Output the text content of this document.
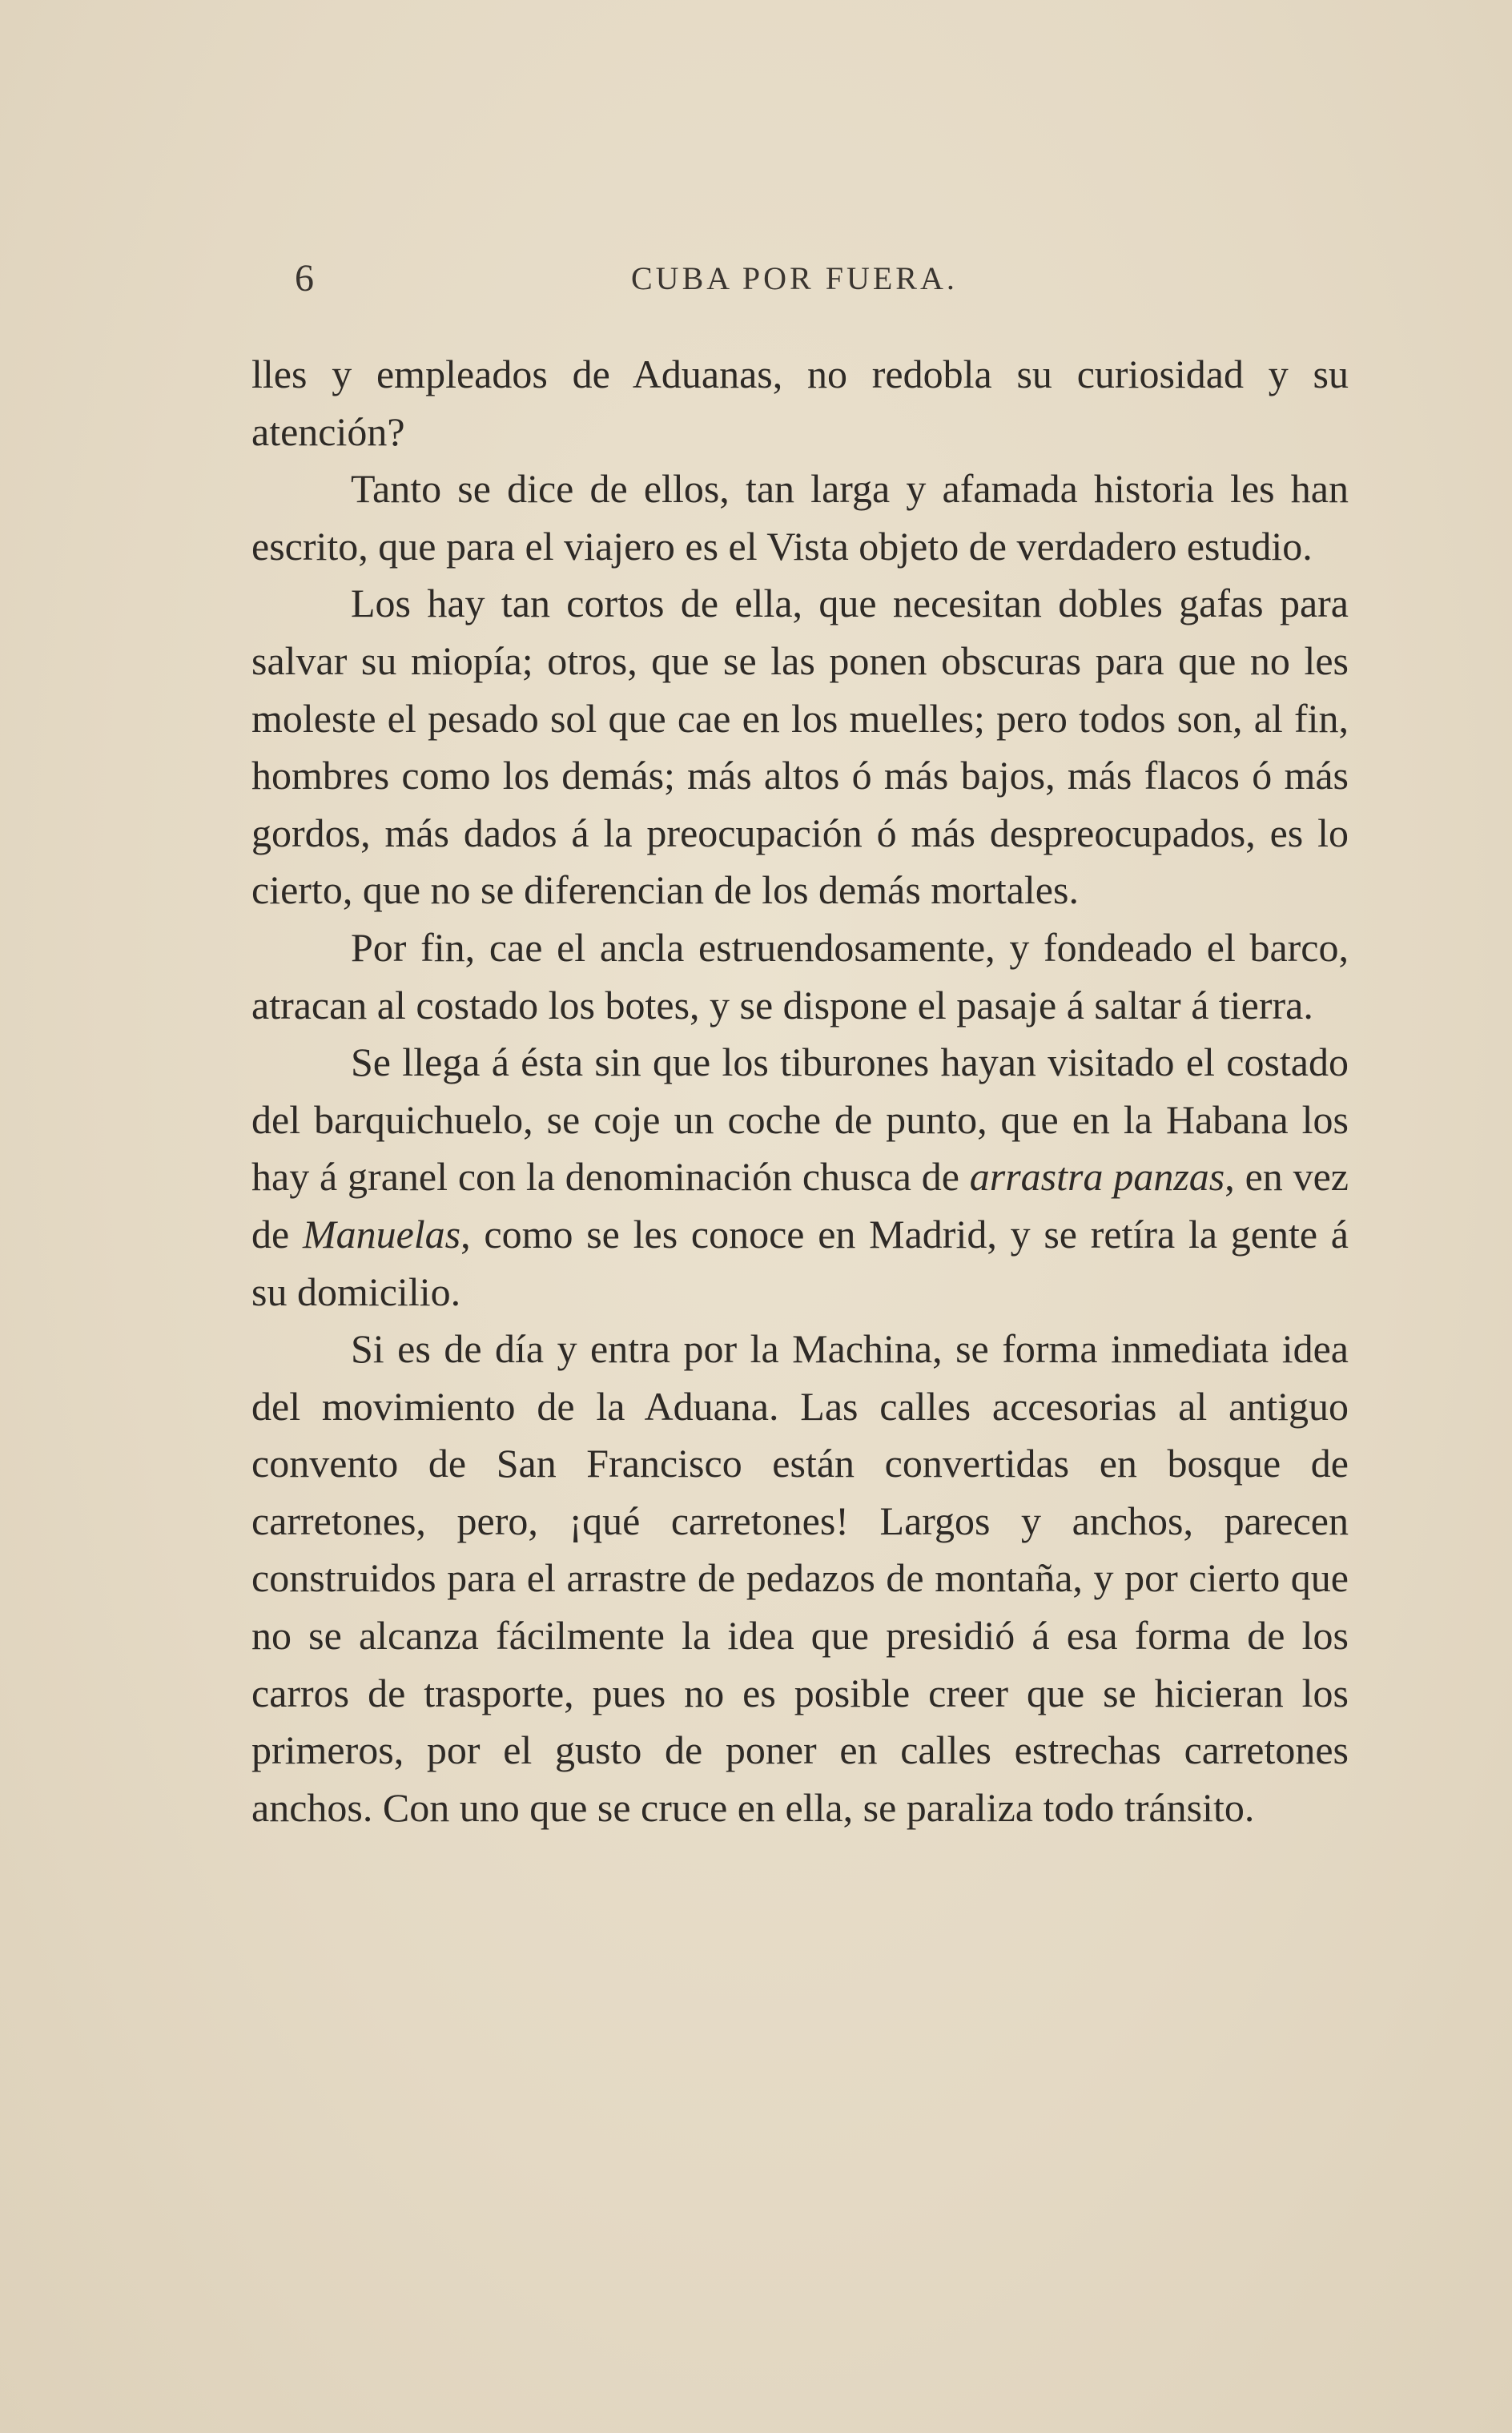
6	CUBA POR FUERA.

lles y empleados de Aduanas, no redobla su curiosidad y su atención?

Tanto se dice de ellos, tan larga y afamada historia les han escrito, que para el viajero es el Vista objeto de verdadero estudio.

Los hay tan cortos de ella, que necesitan dobles gafas para salvar su miopía; otros, que se las ponen obscuras para que no les moleste el pesado sol que cae en los muelles; pero todos son, al fin, hombres como los demás; más altos ó más bajos, más flacos ó más gordos, más dados á la preocupación ó más despreocupados, es lo cierto, que no se diferencian de los demás mortales.

Por fin, cae el ancla estruendosamente, y fondeado el barco, atracan al costado los botes, y se dispone el pasaje á saltar á tierra.

Se llega á ésta sin que los tiburones hayan visitado el costado del barquichuelo, se coje un coche de punto, que en la Habana los hay á granel con la denominación chusca de arrastra panzas, en vez de Manuelas, como se les conoce en Madrid, y se retíra la gente á su domicilio.

Si es de día y entra por la Machina, se forma inmediata idea del movimiento de la Aduana. Las calles accesorias al antiguo convento de San Francisco están convertidas en bosque de carretones, pero, ¡qué carretones! Largos y anchos, parecen construidos para el arrastre de pedazos de montaña, y por cierto que no se alcanza fácilmente la idea que presidió á esa forma de los carros de trasporte, pues no es posible creer que se hicieran los primeros, por el gusto de poner en calles estrechas carretones anchos. Con uno que se cruce en ella, se paraliza todo tránsito.
